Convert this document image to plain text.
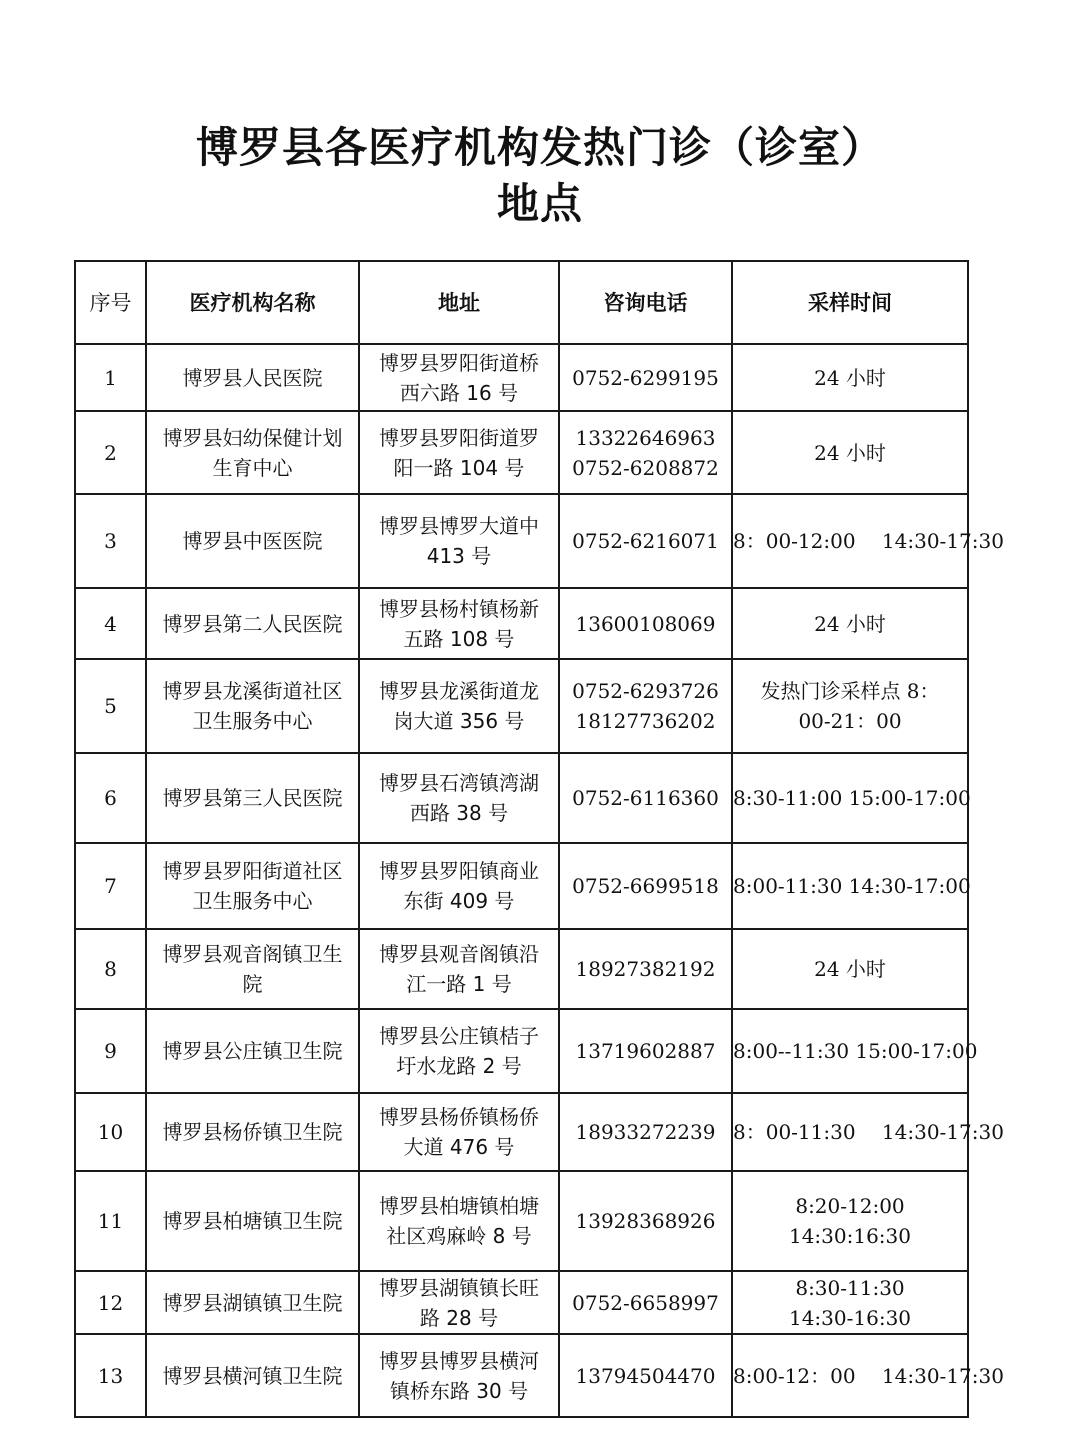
博罗县各医疗机构发热门诊（诊室）
地点
序号	医疗机构名称	地址	咨询电话	采样时间
1	博罗县人民医院	博罗县罗阳街道桥
西六路 16 号	0752-6299195	24 小时

2	博罗县妇幼保健计划
生育中心	博罗县罗阳街道罗
阳一路 104 号	13322646963
0752-6208872	24 小时

3	博罗县中医医院	博罗县博罗大道中
413 号	0752-6216071	8：00-12:00　 14:30-17:30

4	博罗县第二人民医院	博罗县杨村镇杨新
五路 108 号	13600108069	24 小时

5	博罗县龙溪街道社区
卫生服务中心	博罗县龙溪街道龙
岗大道 356 号	0752-6293726
18127736202	发热门诊采样点 8：
00-21：00

6	博罗县第三人民医院	博罗县石湾镇湾湖
西路 38 号	0752-6116360	8:30-11:00 15:00-17:00

7	博罗县罗阳街道社区
卫生服务中心	博罗县罗阳镇商业
东街 409 号	0752-6699518	8:00-11:30 14:30-17:00

8	博罗县观音阁镇卫生
院	博罗县观音阁镇沿
江一路 1 号	18927382192	24 小时

9	博罗县公庄镇卫生院	博罗县公庄镇桔子
圩水龙路 2 号	13719602887	8:00--11:30 15:00-17:00

10	博罗县杨侨镇卫生院	博罗县杨侨镇杨侨
大道 476 号	18933272239	8：00-11:30　 14:30-17:30

11	博罗县柏塘镇卫生院	博罗县柏塘镇柏塘
社区鸡麻岭 8 号	13928368926	8:20-12:00
14:30:16:30

12	博罗县湖镇镇卫生院	博罗县湖镇镇长旺
路 28 号	0752-6658997	8:30-11:30
14:30-16:30

13	博罗县横河镇卫生院	博罗县博罗县横河
镇桥东路 30 号	13794504470	8:00-12：00　 14:30-17:30
